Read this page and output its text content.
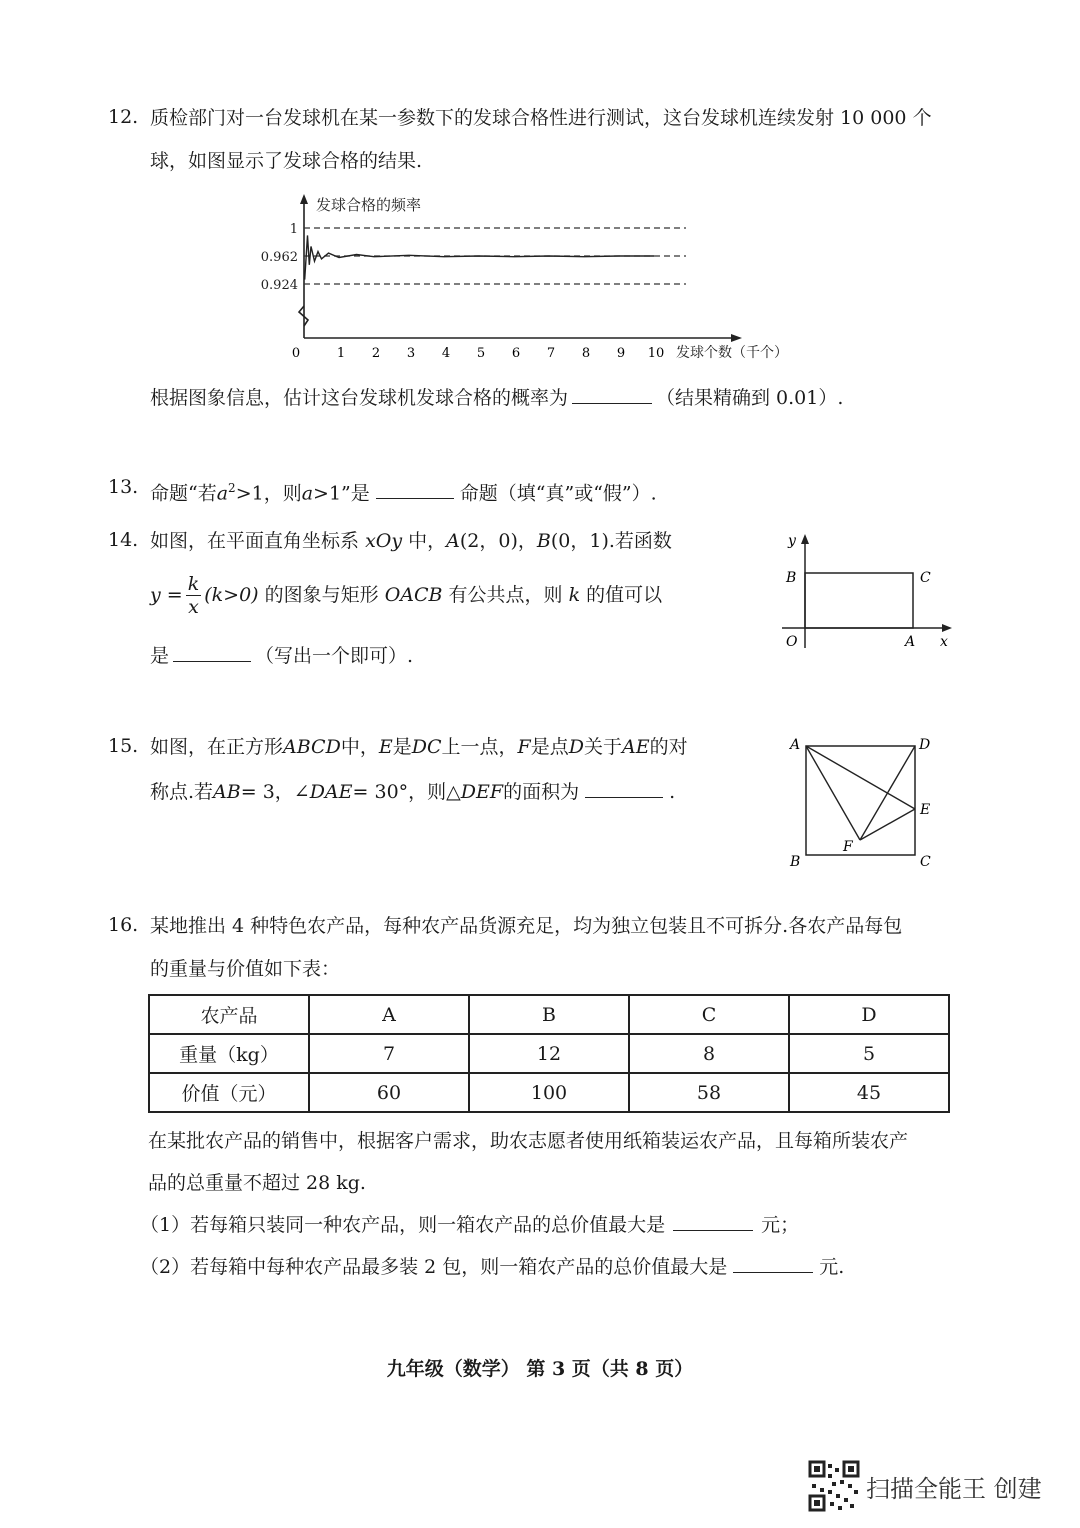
12. 质检部门对一台发球机在某一参数下的发球合格性进行测试，这台发球机连续发射 10 000 个
球，如图显示了发球合格的结果.
发球合格的频率
1
0.962
0.924
0	1 2 3 4 5 6 7 8 9 10 发球个数（千个）
根据图象信息，估计这台发球机发球合格的概率为	（结果精确到 0.01）.
13. 命题“若$a^2>1$，则a>1”是	命题（填“真”或“假”）.
14. 如图，在平面直角坐标系 xOy 中，A(2，0)，B(0，1).若函数
$y = \frac{k}{x} (k>0)$
的图象与矩形
OACB
有公共点，则
k
的值可以
是	（写出一个即可）.
y
x
O	A
B	C
15. 如图，在正方形ABCD中，E是DC上一点，F是点D关于AE的对
称点.若AB= 3，∠DAE= 30°，则△DEF的面积为	.
A	D
E
F
B	C
16. 某地推出 4 种特色农产品，每种农产品货源充足，均为独立包装且不可拆分.各农产品每包
的重量与价值如下表：
农产品	A	B	C	D
重量（kg）	7	12	8	5
价值（元）	60	100	58	45
在某批农产品的销售中，根据客户需求，助农志愿者使用纸箱装运农产品，且每箱所装农产
品的总重量不超过 28 kg.
（1）若每箱只装同一种农产品，则一箱农产品的总价值最大是	元；
（2）若每箱中每种农产品最多装 2 包，则一箱农产品的总价值最大是	元.
九年级（数学） 第 3 页（共 8 页）
扫描全能王 创建
